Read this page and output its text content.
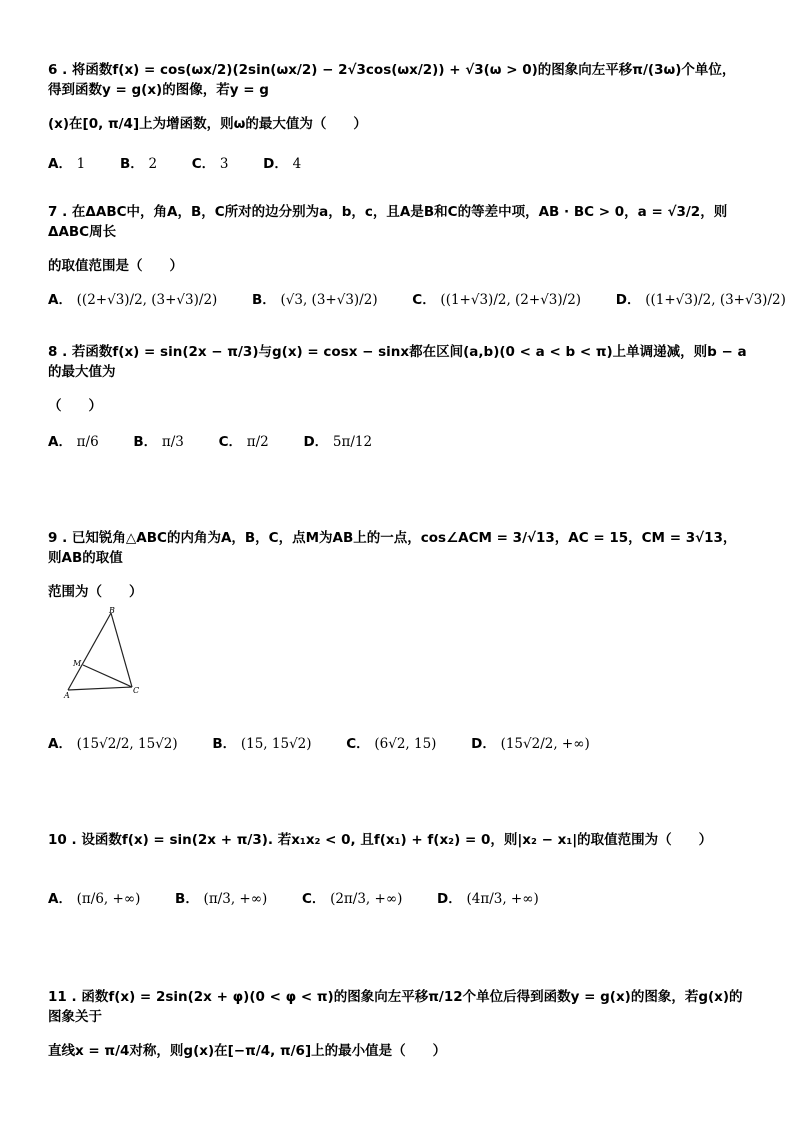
6 . 将函数f(x) = cos(ωx/2)(2sin(ωx/2) − 2√3cos(ωx/2)) + √3(ω > 0)的图象向左平移π/(3ω)个单位，得到函数y = g(x)的图像，若y = g
(x)在[0, π/4]上为增函数，则ω的最大值为（　　）
A． 1	B． 2	C． 3	D． 4
7 . 在ΔABC中，角A，B，C所对的边分别为a，b，c，且A是B和C的等差中项，AB · BC > 0，a = √3/2，则ΔABC周长
的取值范围是（　　）
A． ((2+√3)/2, (3+√3)/2)	B． (√3, (3+√3)/2)	C． ((1+√3)/2, (2+√3)/2)	D． ((1+√3)/2, (3+√3)/2)
8 . 若函数f(x) = sin(2x − π/3)与g(x) = cosx − sinx都在区间(a,b)(0 < a < b < π)上单调递减，则b − a的最大值为
（　　）
A． π/6	B． π/3	C． π/2	D． 5π/12
9 . 已知锐角△ABC的内角为A，B，C，点M为AB上的一点，cos∠ACM = 3/√13，AC = 15，CM = 3√13，则AB的取值
范围为（　　）
B
M
A
C
A． (15√2/2, 15√2)	B． (15, 15√2)	C． (6√2, 15)	D． (15√2/2, +∞)
10 . 设函数f(x) = sin(2x + π/3). 若x₁x₂ < 0, 且f(x₁) + f(x₂) = 0，则|x₂ − x₁|的取值范围为（　　）
A． (π/6, +∞)	B． (π/3, +∞)	C． (2π/3, +∞)	D． (4π/3, +∞)
11 . 函数f(x) = 2sin(2x + φ)(0 < φ < π)的图象向左平移π/12个单位后得到函数y = g(x)的图象，若g(x)的图象关于
直线x = π/4对称，则g(x)在[−π/4, π/6]上的最小值是（　　）
